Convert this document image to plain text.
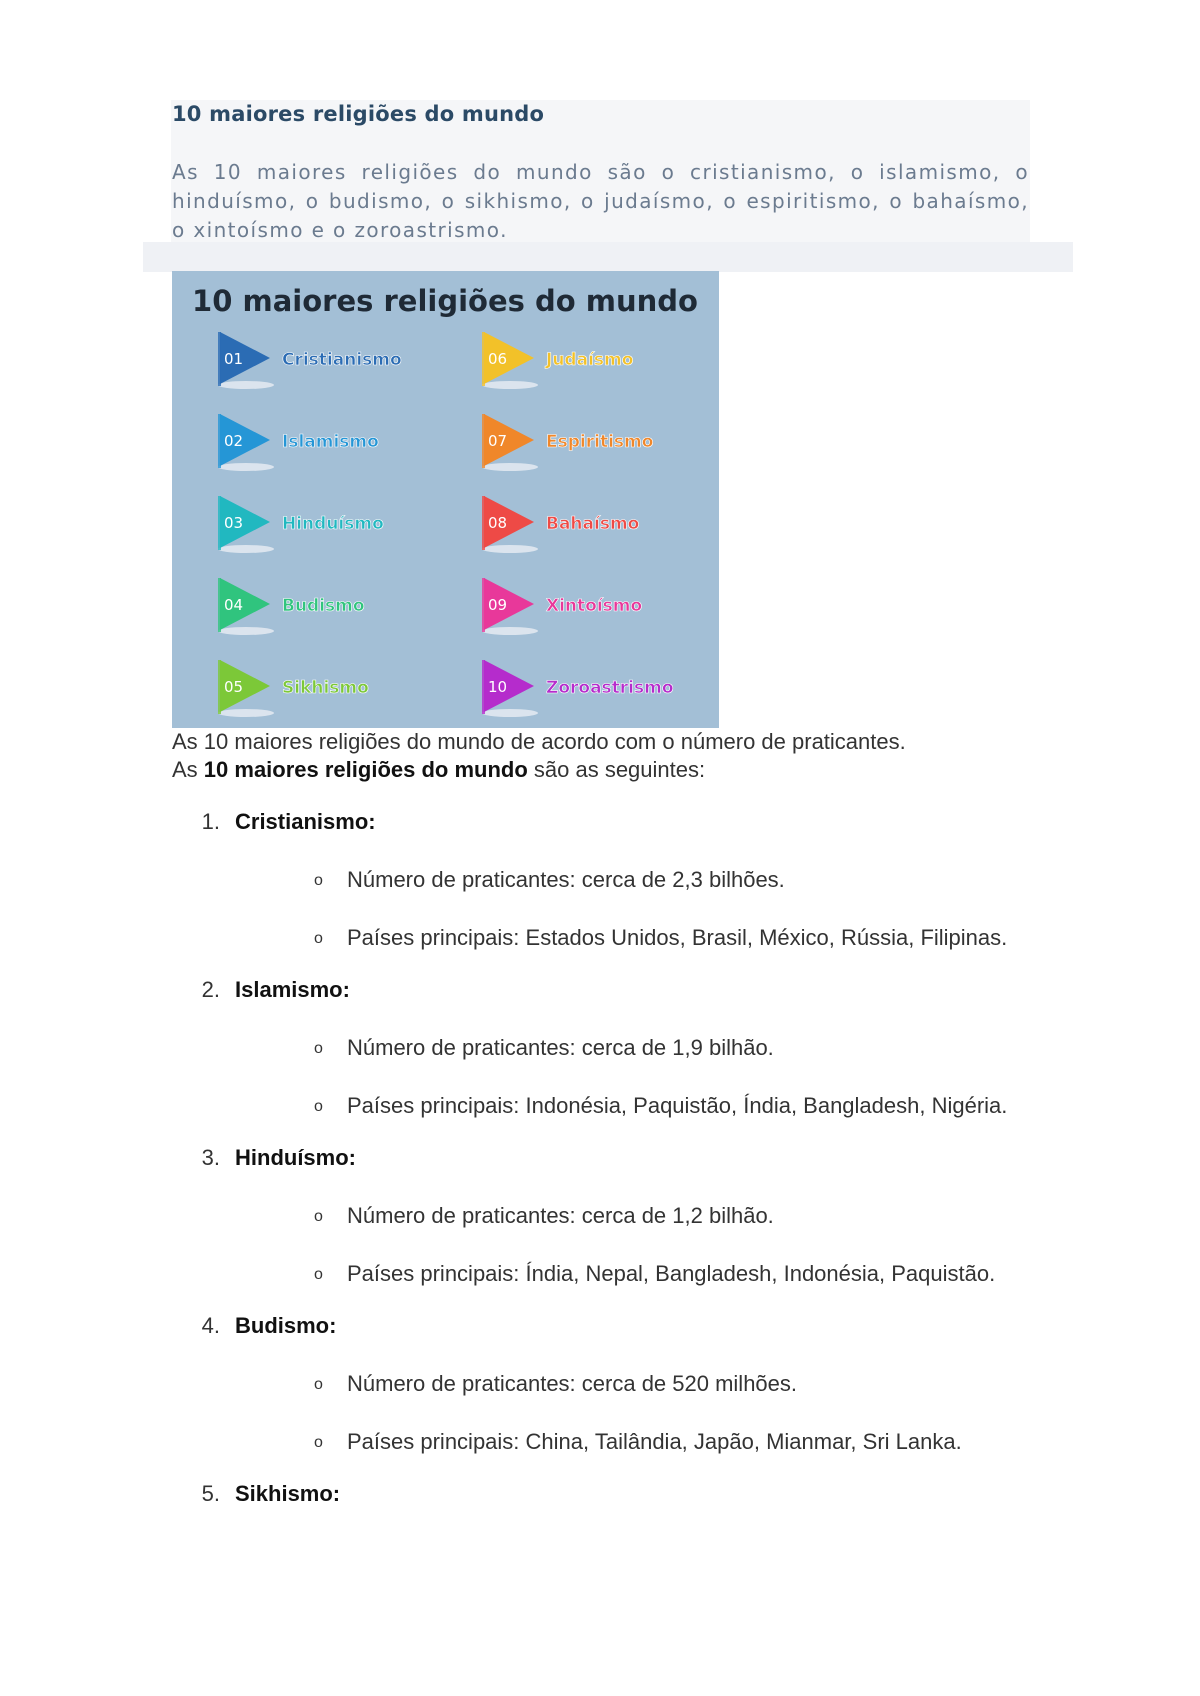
10 maiores religiões do mundo

As 10 maiores religiões do mundo são o cristianismo, o islamismo, o hinduísmo, o budismo, o sikhismo, o judaísmo, o espiritismo, o bahaísmo, o xintoísmo e o zoroastrismo.

10 maiores religiões do mundo
01 Cristianismo
02 Islamismo
03 Hinduísmo
04 Budismo
05 Sikhismo
06 Judaísmo
07 Espiritismo
08 Bahaísmo
09 Xintoísmo
10 Zoroastrismo

As 10 maiores religiões do mundo de acordo com o número de praticantes.

As 10 maiores religiões do mundo são as seguintes:

1. Cristianismo:
o Número de praticantes: cerca de 2,3 bilhões.
o Países principais: Estados Unidos, Brasil, México, Rússia, Filipinas.
2. Islamismo:
o Número de praticantes: cerca de 1,9 bilhão.
o Países principais: Indonésia, Paquistão, Índia, Bangladesh, Nigéria.
3. Hinduísmo:
o Número de praticantes: cerca de 1,2 bilhão.
o Países principais: Índia, Nepal, Bangladesh, Indonésia, Paquistão.
4. Budismo:
o Número de praticantes: cerca de 520 milhões.
o Países principais: China, Tailândia, Japão, Mianmar, Sri Lanka.
5. Sikhismo:
